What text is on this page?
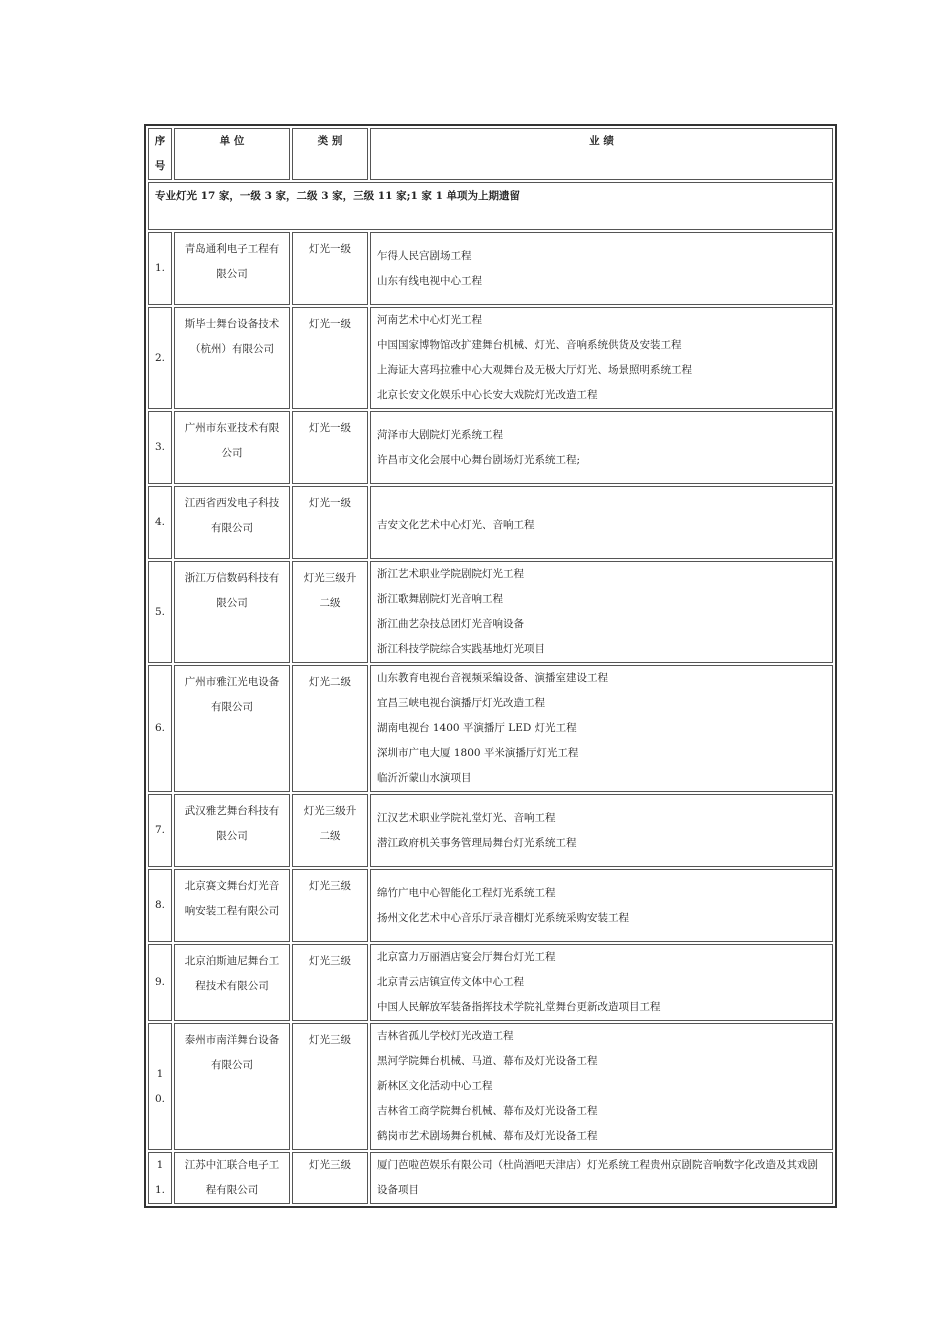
序号	单 位	类 别	业 绩
专业灯光 17 家，一级 3 家，二级 3 家，三级 11 家;1 家 1 单项为上期遗留			
1.	青岛通利电子工程有限公司	灯光一级	乍得人民宫剧场工程
山东有线电视中心工程

2.	斯毕士舞台设备技术（杭州）有限公司	灯光一级	河南艺术中心灯光工程
中国国家博物馆改扩建舞台机械、灯光、音响系统供货及安装工程
上海证大喜玛拉雅中心大观舞台及无极大厅灯光、场景照明系统工程
北京长安文化娱乐中心长安大戏院灯光改造工程

3.	广州市东亚技术有限公司	灯光一级	菏泽市大剧院灯光系统工程
许昌市文化会展中心舞台剧场灯光系统工程;

4.	江西省西发电子科技有限公司	灯光一级	吉安文化艺术中心灯光、音响工程

5.	浙江万信数码科技有限公司	灯光三级升二级	浙江艺术职业学院剧院灯光工程
浙江歌舞剧院灯光音响工程
浙江曲艺杂技总团灯光音响设备
浙江科技学院综合实践基地灯光项目

6.	广州市雅江光电设备有限公司	灯光二级	山东教育电视台音视频采编设备、演播室建设工程
宜昌三峡电视台演播厅灯光改造工程
湖南电视台 1400 平演播厅 LED 灯光工程
深圳市广电大厦 1800 平米演播厅灯光工程
临沂沂蒙山水演项目

7.	武汉雅艺舞台科技有限公司	灯光三级升二级	江汉艺术职业学院礼堂灯光、音响工程
潜江政府机关事务管理局舞台灯光系统工程

8.	北京赛文舞台灯光音响安装工程有限公司	灯光三级	绵竹广电中心智能化工程灯光系统工程
扬州文化艺术中心音乐厅录音棚灯光系统采购安装工程

9.	北京泊斯迪尼舞台工程技术有限公司	灯光三级	北京富力万丽酒店宴会厅舞台灯光工程
北京青云店镇宣传文体中心工程
中国人民解放军装备指挥技术学院礼堂舞台更新改造项目工程

10.	泰州市南洋舞台设备有限公司	灯光三级	吉林省孤儿学校灯光改造工程
黑河学院舞台机械、马道、幕布及灯光设备工程
新林区文化活动中心工程
吉林省工商学院舞台机械、幕布及灯光设备工程
鹤岗市艺术剧场舞台机械、幕布及灯光设备工程

11.	江苏中汇联合电子工程有限公司	灯光三级	厦门芭啦芭娱乐有限公司（杜尚酒吧天津店）灯光系统工程贵州京剧院音响数字化改造及其戏剧设备项目
